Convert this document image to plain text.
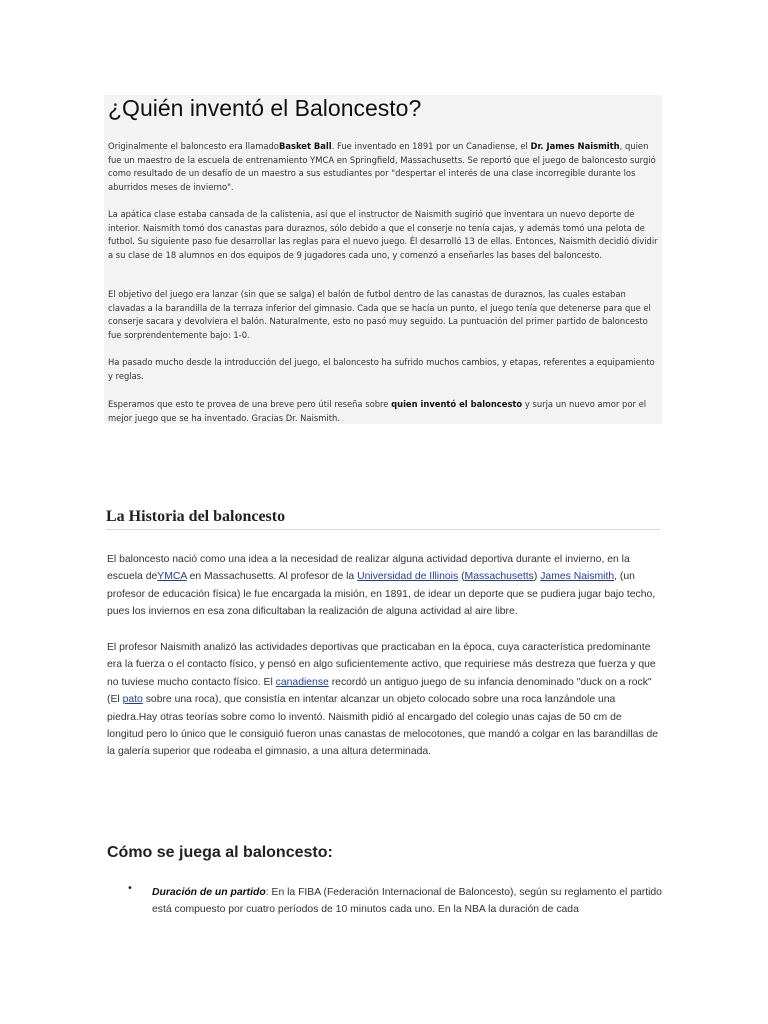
¿Quién inventó el Baloncesto?

Originalmente el baloncesto era llamadoBasket Ball. Fue inventado en 1891 por un Canadiense, el Dr. James Naismith, quien fue un maestro de la escuela de entrenamiento YMCA en Springfield, Massachusetts. Se reportó que el juego de baloncesto surgió como resultado de un desafío de un maestro a sus estudiantes por "despertar el interés de una clase incorregible durante los aburridos meses de invierno".

La apática clase estaba cansada de la calistenia, así que el instructor de Naismith sugirió que inventara un nuevo deporte de interior. Naismith tomó dos canastas para duraznos, sólo debido a que el conserje no tenía cajas, y además tomó una pelota de futbol. Su siguiente paso fue desarrollar las reglas para el nuevo juego. Él desarrolló 13 de ellas. Entonces, Naismith decidió dividir a su clase de 18 alumnos en dos equipos de 9 jugadores cada uno, y comenzó a enseñarles las bases del baloncesto.

El objetivo del juego era lanzar (sin que se salga) el balón de futbol dentro de las canastas de duraznos, las cuales estaban clavadas a la barandilla de la terraza inferior del gimnasio. Cada que se hacía un punto, el juego tenía que detenerse para que el conserje sacara y devolviera el balón. Naturalmente, esto no pasó muy seguido. La puntuación del primer partido de baloncesto fue sorprendentemente bajo: 1-0.

Ha pasado mucho desde la introducción del juego, el baloncesto ha sufrido muchos cambios, y etapas, referentes a equipamiento y reglas.

Esperamos que esto te provea de una breve pero útil reseña sobre quien inventó el baloncesto y surja un nuevo amor por el mejor juego que se ha inventado. Gracias Dr. Naismith.

La Historia del baloncesto

El baloncesto nació como una idea a la necesidad de realizar alguna actividad deportiva durante el invierno, en la escuela deYMCA en Massachusetts. Al profesor de la Universidad de Illinois (Massachusetts) James Naismith, (un profesor de educación física) le fue encargada la misión, en 1891, de idear un deporte que se pudiera jugar bajo techo, pues los inviernos en esa zona dificultaban la realización de alguna actividad al aire libre.

El profesor Naismith analizó las actividades deportivas que practicaban en la época, cuya característica predominante era la fuerza o el contacto físico, y pensó en algo suficientemente activo, que requiriese más destreza que fuerza y que no tuviese mucho contacto físico. El canadiense recordó un antiguo juego de su infancia denominado "duck on a rock" (El pato sobre una roca), que consistía en intentar alcanzar un objeto colocado sobre una roca lanzándole una piedra.Hay otras teorías sobre como lo inventó. Naismith pidió al encargado del colegio unas cajas de 50 cm de longitud pero lo único que le consiguió fueron unas canastas de melocotones, que mandó a colgar en las barandillas de la galería superior que rodeaba el gimnasio, a una altura determinada.

Cómo se juega al baloncesto:
• Duración de un partido: En la FIBA (Federación Internacional de Baloncesto), según su reglamento el partido está compuesto por cuatro períodos de 10 minutos cada uno. En la NBA la duración de cada
